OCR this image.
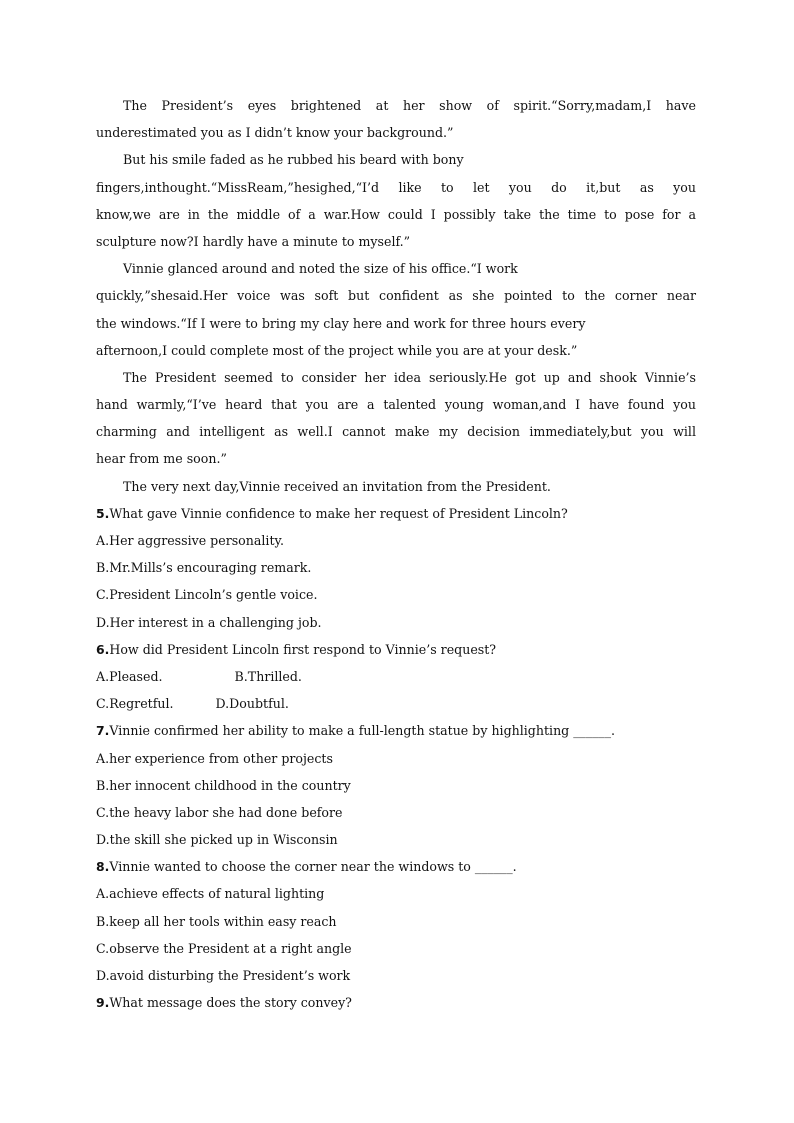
The President’s eyes brightened at her show of spirit.“Sorry,madam,I have
underestimated you as I didn’t know your background.”
But his smile faded as he rubbed his beard with bony
fingers,inthought.“MissReam,”hesighed,“I’d like to let you do it,but as you
know,we are in the middle of a war.How could I possibly take the time to pose for a
sculpture now?I hardly have a minute to myself.”
Vinnie glanced around and noted the size of his office.“I work
quickly,”shesaid.Her voice was soft but confident as she pointed to the corner near
the windows.“If I were to bring my clay here and work for three hours every
afternoon,I could complete most of the project while you are at your desk.”
The President seemed to consider her idea seriously.He got up and shook Vinnie’s
hand warmly,“I’ve heard that you are a talented young woman,and I have found you
charming and intelligent as well.I cannot make my decision immediately,but you will
hear from me soon.”
The very next day,Vinnie received an invitation from the President.
5.What gave Vinnie confidence to make her request of President Lincoln?
A.Her aggressive personality.
B.Mr.Mills’s encouraging remark.
C.President Lincoln’s gentle voice.
D.Her interest in a challenging job.
6.How did President Lincoln first respond to Vinnie’s request?
A.Pleased.	B.Thrilled.
C.Regretful.	D.Doubtful.
7.Vinnie confirmed her ability to make a full-length statue by highlighting ______.
A.her experience from other projects
B.her innocent childhood in the country
C.the heavy labor she had done before
D.the skill she picked up in Wisconsin
8.Vinnie wanted to choose the corner near the windows to ______.
A.achieve effects of natural lighting
B.keep all her tools within easy reach
C.observe the President at a right angle
D.avoid disturbing the President’s work
9.What message does the story convey?
